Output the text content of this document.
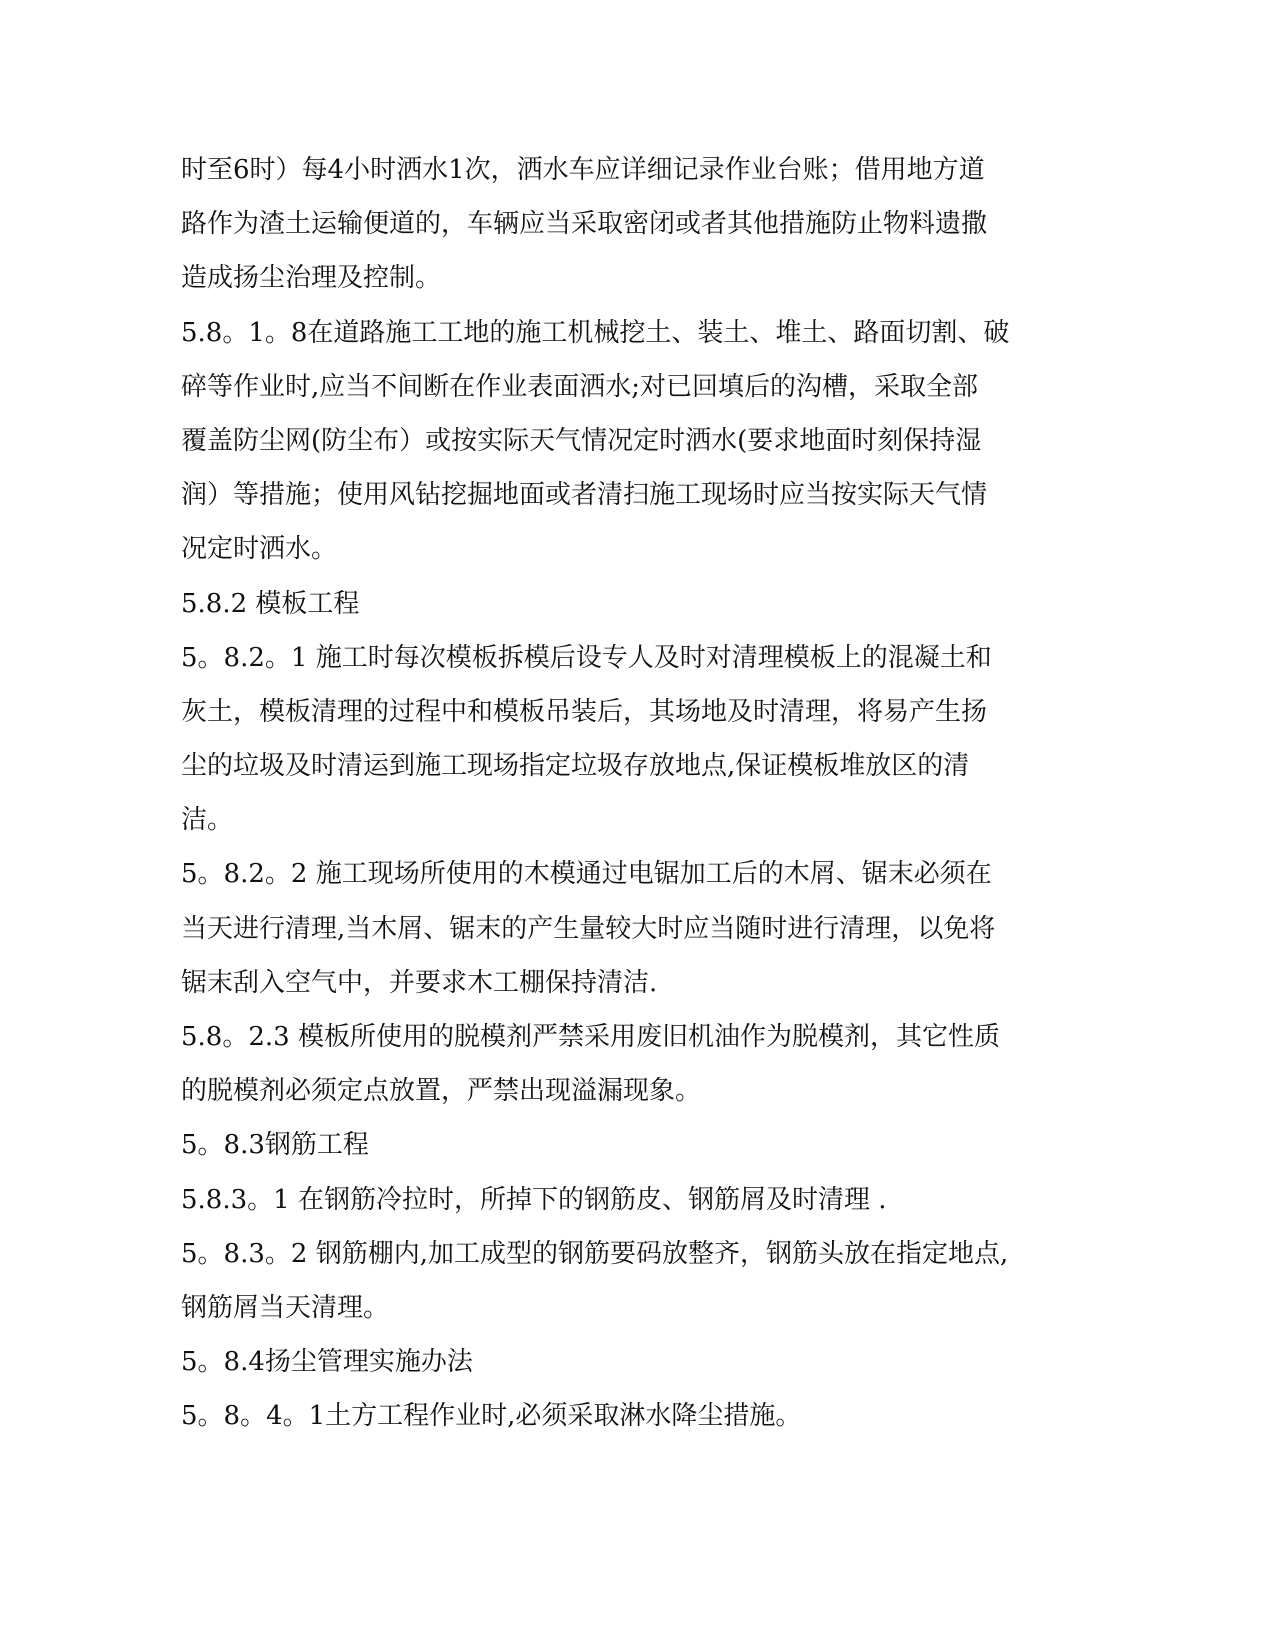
时至6时）每4小时洒水1次，洒水车应详细记录作业台账；借用地方道
路作为渣土运输便道的，车辆应当采取密闭或者其他措施防止物料遗撒
造成扬尘治理及控制。
5.8。1。8在道路施工工地的施工机械挖土、装土、堆土、路面切割、破
碎等作业时,应当不间断在作业表面洒水;对已回填后的沟槽，采取全部
覆盖防尘网(防尘布）或按实际天气情况定时洒水(要求地面时刻保持湿
润）等措施；使用风钻挖掘地面或者清扫施工现场时应当按实际天气情
况定时洒水。
5.8.2 模板工程
5。8.2。1 施工时每次模板拆模后设专人及时对清理模板上的混凝土和
灰土，模板清理的过程中和模板吊装后，其场地及时清理，将易产生扬
尘的垃圾及时清运到施工现场指定垃圾存放地点,保证模板堆放区的清
洁。
5。8.2。2 施工现场所使用的木模通过电锯加工后的木屑、锯末必须在
当天进行清理,当木屑、锯末的产生量较大时应当随时进行清理，以免将
锯末刮入空气中，并要求木工棚保持清洁.
5.8。2.3 模板所使用的脱模剂严禁采用废旧机油作为脱模剂，其它性质
的脱模剂必须定点放置，严禁出现溢漏现象。
5。8.3钢筋工程
5.8.3。1 在钢筋冷拉时，所掉下的钢筋皮、钢筋屑及时清理 .
5。8.3。2 钢筋棚内,加工成型的钢筋要码放整齐，钢筋头放在指定地点,
钢筋屑当天清理。
5。8.4扬尘管理实施办法
5。8。4。1土方工程作业时,必须采取淋水降尘措施。
